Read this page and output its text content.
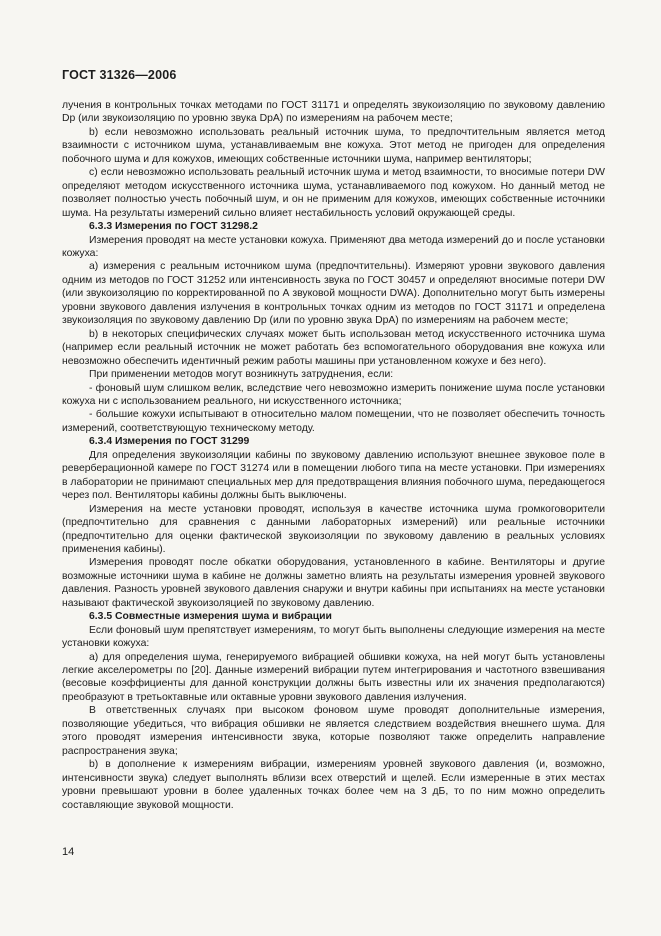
ГОСТ 31326—2006

лучения в контрольных точках методами по ГОСТ 31171 и определять звукоизоляцию по звуковому давлению Dp (или звукоизоляцию по уровню звука DpA) по измерениям на рабочем месте;

b) если невозможно использовать реальный источник шума, то предпочтительным является метод взаимности с источником шума, устанавливаемым вне кожуха. Этот метод не пригоден для определения побочного шума и для кожухов, имеющих собственные источники шума, например вентиляторы;

c) если невозможно использовать реальный источник шума и метод взаимности, то вносимые потери DW определяют методом искусственного источника шума, устанавливаемого под кожухом. Но данный метод не позволяет полностью учесть побочный шум, и он не применим для кожухов, имеющих собственные источники шума. На результаты измерений сильно влияет нестабильность условий окружающей среды.

6.3.3 Измерения по ГОСТ 31298.2

Измерения проводят на месте установки кожуха. Применяют два метода измерений до и после установки кожуха:

a) измерения с реальным источником шума (предпочтительны). Измеряют уровни звукового давления одним из методов по ГОСТ 31252 или интенсивность звука по ГОСТ 30457 и определяют вносимые потери DW (или звукоизоляцию по корректированной по А звуковой мощности DWA). Дополнительно могут быть измерены уровни звукового давления излучения в контрольных точках одним из методов по ГОСТ 31171 и определена звукоизоляция по звуковому давлению Dp (или по уровню звука DpA) по измерениям на рабочем месте;

b) в некоторых специфических случаях может быть использован метод искусственного источника шума (например если реальный источник не может работать без вспомогательного оборудования вне кожуха или невозможно обеспечить идентичный режим работы машины при установленном кожухе и без него).

При применении методов могут возникнуть затруднения, если:

- фоновый шум слишком велик, вследствие чего невозможно измерить понижение шума после установки кожуха ни с использованием реального, ни искусственного источника;

- большие кожухи испытывают в относительно малом помещении, что не позволяет обеспечить точность измерений, соответствующую техническому методу.

6.3.4 Измерения по ГОСТ 31299

Для определения звукоизоляции кабины по звуковому давлению используют внешнее звуковое поле в реверберационной камере по ГОСТ 31274 или в помещении любого типа на месте установки. При измерениях в лаборатории не принимают специальных мер для предотвращения влияния побочного шума, передающегося через пол. Вентиляторы кабины должны быть выключены.

Измерения на месте установки проводят, используя в качестве источника шума громкоговорители (предпочтительно для сравнения с данными лабораторных измерений) или реальные источники (предпочтительно для оценки фактической звукоизоляции по звуковому давлению в реальных условиях применения кабины).

Измерения проводят после обкатки оборудования, установленного в кабине. Вентиляторы и другие возможные источники шума в кабине не должны заметно влиять на результаты измерения уровней звукового давления. Разность уровней звукового давления снаружи и внутри кабины при испытаниях на месте установки называют фактической звукоизоляцией по звуковому давлению.

6.3.5 Совместные измерения шума и вибрации

Если фоновый шум препятствует измерениям, то могут быть выполнены следующие измерения на месте установки кожуха:

a) для определения шума, генерируемого вибрацией обшивки кожуха, на ней могут быть установлены легкие акселерометры по [20]. Данные измерений вибрации путем интегрирования и частотного взвешивания (весовые коэффициенты для данной конструкции должны быть известны или их значения предполагаются) преобразуют в третьоктавные или октавные уровни звукового давления излучения.

В ответственных случаях при высоком фоновом шуме проводят дополнительные измерения, позволяющие убедиться, что вибрация обшивки не является следствием воздействия внешнего шума. Для этого проводят измерения интенсивности звука, которые позволяют также определить направление распространения звука;

b) в дополнение к измерениям вибрации, измерениям уровней звукового давления (и, возможно, интенсивности звука) следует выполнять вблизи всех отверстий и щелей. Если измеренные в этих местах уровни превышают уровни в более удаленных точках более чем на 3 дБ, то по ним можно определить составляющие звуковой мощности.

14
